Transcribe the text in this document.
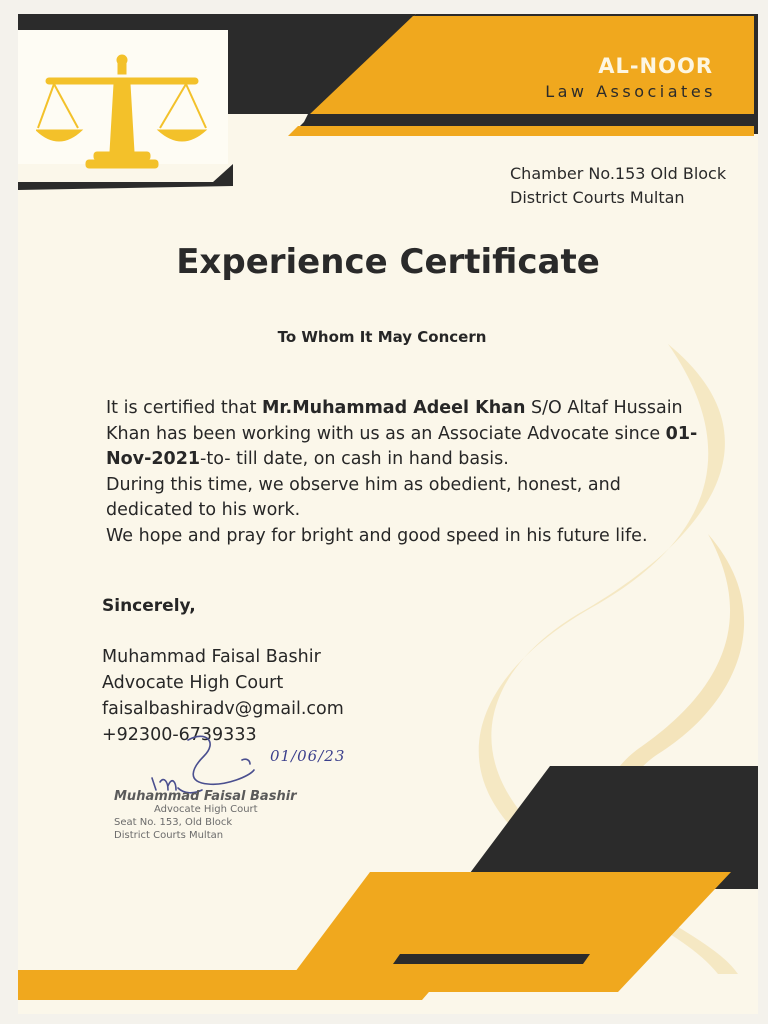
AL-NOOR
Law Associates
Chamber No.153 Old Block
District Courts Multan
Experience Certificate
To Whom It May Concern

It is certified that Mr.Muhammad Adeel Khan S/O Altaf Hussain Khan has been working with us as an Associate Advocate since 01-Nov-2021-to- till date, on cash in hand basis.

During this time, we observe him as obedient, honest, and dedicated to his work.

We hope and pray for bright and good speed in his future life.

Sincerely,
Muhammad Faisal Bashir
Advocate High Court
faisalbashiradv@gmail.com
+92300-6739333
01/06/23
Muhammad Faisal Bashir
Advocate High Court
Seat No. 153, Old Block
District Courts Multan
